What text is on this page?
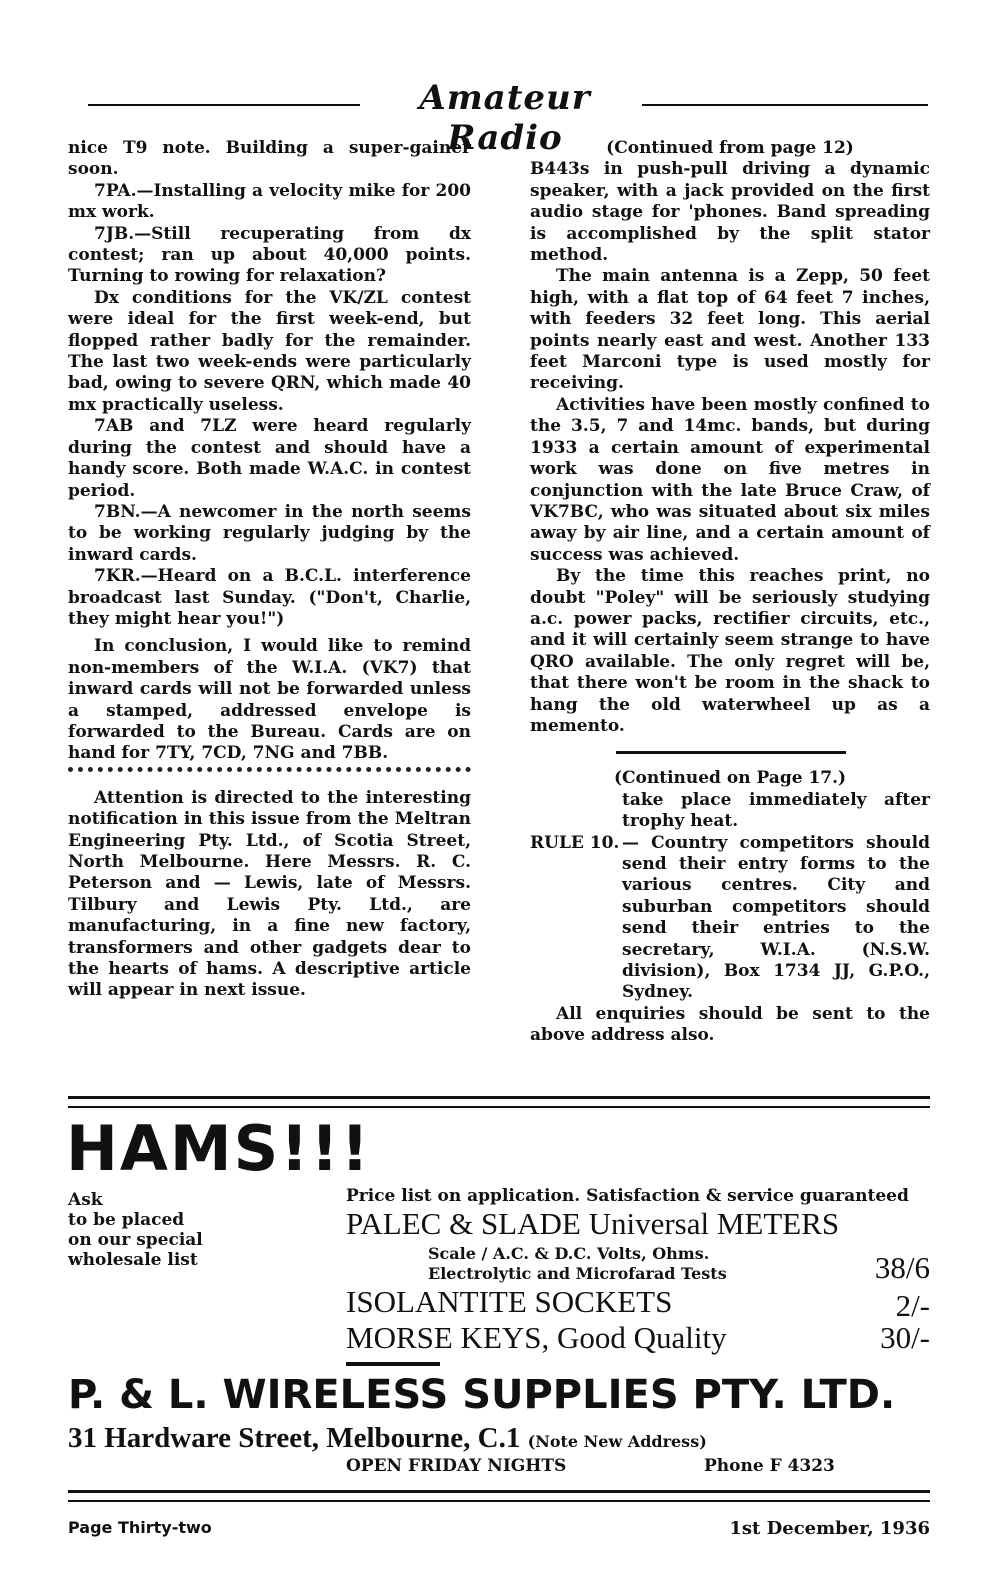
Amateur Radio

nice T9 note. Building a super-gainer soon.

7PA.—Installing a velocity mike for 200 mx work.

7JB.—Still recuperating from dx contest; ran up about 40,000 points. Turning to rowing for relaxation?

Dx conditions for the VK/ZL contest were ideal for the first week-end, but flopped rather badly for the remainder. The last two week-ends were particularly bad, owing to severe QRN, which made 40 mx practically useless.

7AB and 7LZ were heard regularly during the contest and should have a handy score. Both made W.A.C. in contest period.

7BN.—A newcomer in the north seems to be working regularly judging by the inward cards.

7KR.—Heard on a B.C.L. interference broadcast last Sunday. ("Don't, Charlie, they might hear you!")

In conclusion, I would like to remind non-members of the W.I.A. (VK7) that inward cards will not be forwarded unless a stamped, addressed envelope is forwarded to the Bureau. Cards are on hand for 7TY, 7CD, 7NG and 7BB.

Attention is directed to the interesting notification in this issue from the Meltran Engineering Pty. Ltd., of Scotia Street, North Melbourne. Here Messrs. R. C. Peterson and — Lewis, late of Messrs. Tilbury and Lewis Pty. Ltd., are manufacturing, in a fine new factory, transformers and other gadgets dear to the hearts of hams. A descriptive article will appear in next issue.

(Continued from page 12)

B443s in push-pull driving a dynamic speaker, with a jack provided on the first audio stage for 'phones. Band spreading is accomplished by the split stator method.

The main antenna is a Zepp, 50 feet high, with a flat top of 64 feet 7 inches, with feeders 32 feet long. This aerial points nearly east and west. Another 133 feet Marconi type is used mostly for receiving.

Activities have been mostly confined to the 3.5, 7 and 14mc. bands, but during 1933 a certain amount of experimental work was done on five metres in conjunction with the late Bruce Craw, of VK7BC, who was situated about six miles away by air line, and a certain amount of success was achieved.

By the time this reaches print, no doubt "Poley" will be seriously studying a.c. power packs, rectifier circuits, etc., and it will certainly seem strange to have QRO available. The only regret will be, that there won't be room in the shack to hang the old waterwheel up as a memento.

(Continued on Page 17.)

take place immediately after trophy heat.

RULE 10. — Country competitors should send their entry forms to the various centres. City and suburban competitors should send their entries to the secretary, W.I.A. (N.S.W. division), Box 1734 JJ, G.P.O., Sydney.

All enquiries should be sent to the above address also.

HAMS!!!
Ask
to be placed
on our special
wholesale list
Price list on application. Satisfaction & service guaranteed
PALEC & SLADE Universal METERS
Scale / A.C. & D.C. Volts, Ohms.
Electrolytic and Microfarad Tests	38/6
ISOLANTITE SOCKETS	2/-
MORSE KEYS, Good Quality	30/-
P. & L. WIRELESS SUPPLIES PTY. LTD.
31 Hardware Street, Melbourne, C.1 (Note New Address)
OPEN FRIDAY NIGHTS	Phone F 4323
Page Thirty-two	1st December, 1936
